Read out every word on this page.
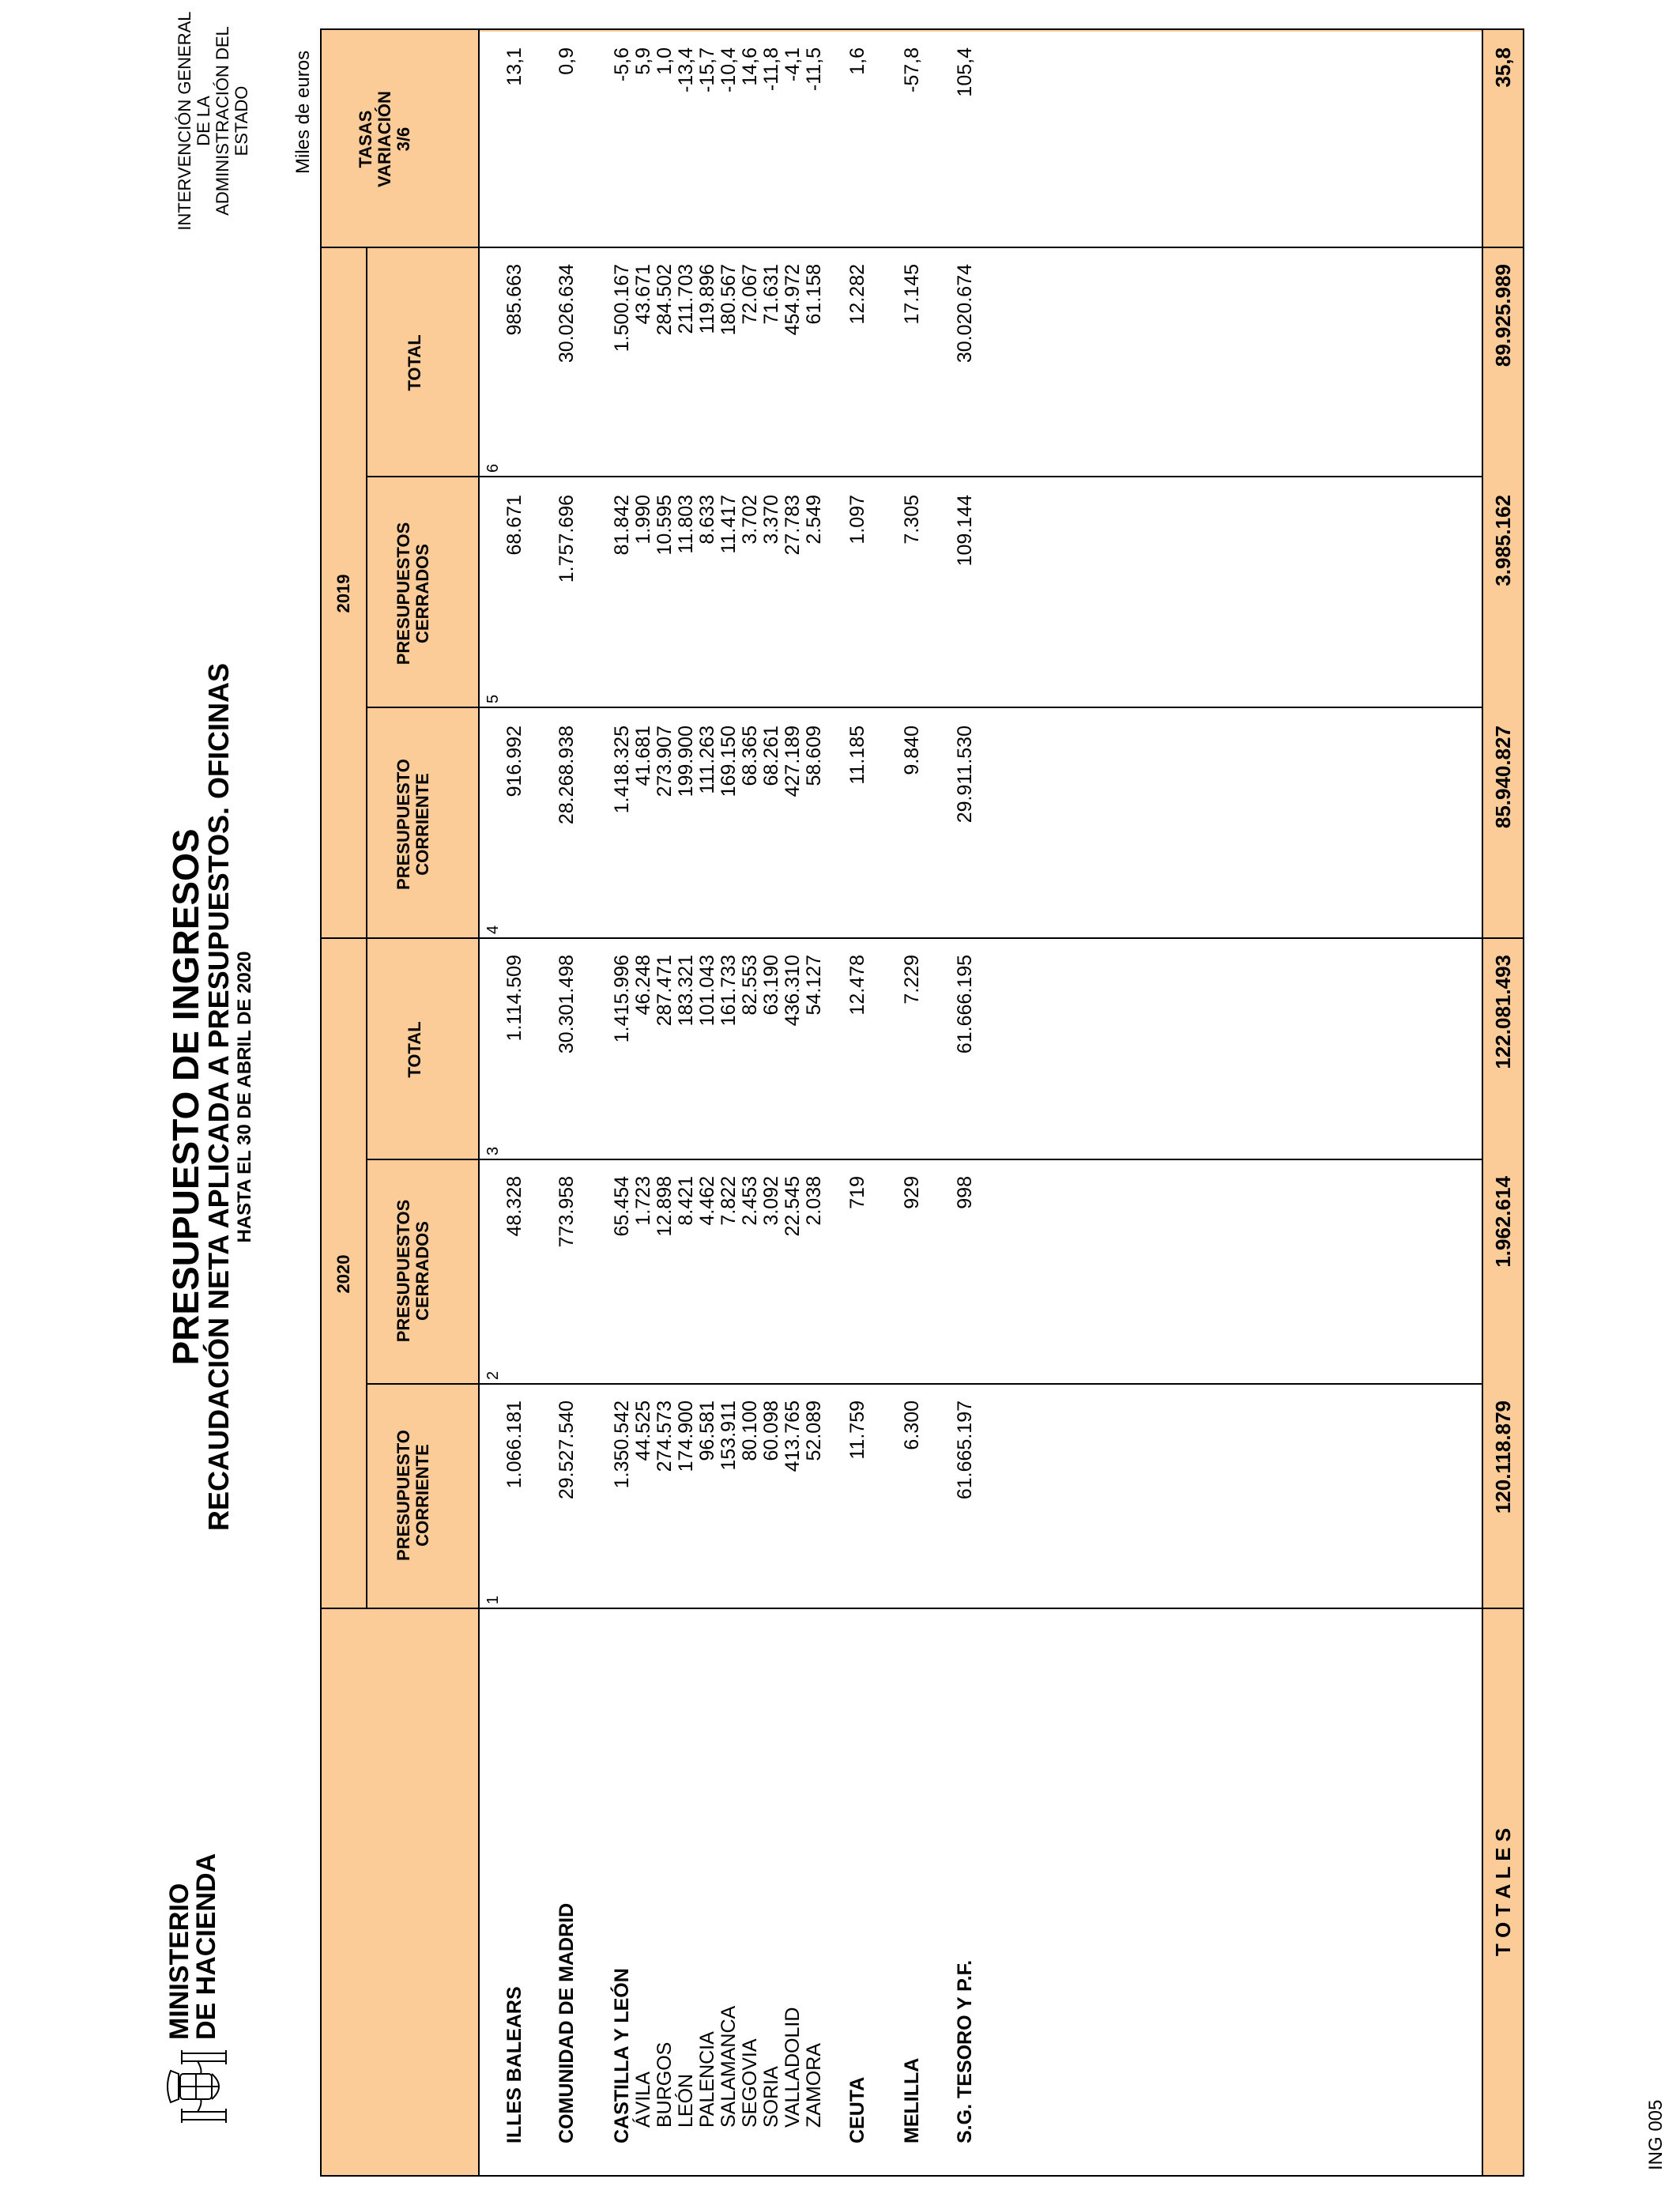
MINISTERIO
DE HACIENDA
PRESUPUESTO DE INGRESOS
RECAUDACIÓN NETA APLICADA A PRESUPUESTOS. OFICINAS HASTA EL 30 DE ABRIL DE 2020
INTERVENCIÓN GENERAL DE LA ADMINISTRACIÓN DEL ESTADO Miles de euros
2020
2019
PRESUPUESTO CORRIENTE
PRESUPUESTOS CERRADOS
TOTAL
PRESUPUESTO CORRIENTE
PRESUPUESTOS CERRADOS
TOTAL
TASAS VARIACIÓN 3/6
1
2
3
4
5
6
ILLES BALEARS
1.066.181
48.328
1.114.509
916.992
68.671
985.663
13,1
COMUNIDAD DE MADRID
29.527.540
773.958
30.301.498
28.268.938
1.757.696
30.026.634
0,9
CASTILLA Y LEÓN
1.350.542
65.454
1.415.996
1.418.325
81.842
1.500.167
-5,6
ÁVILA
44.525
1.723
46.248
41.681
1.990
43.671
5,9
BURGOS
274.573
12.898
287.471
273.907
10.595
284.502
1,0
LEÓN
174.900
8.421
183.321
199.900
11.803
211.703
-13,4
PALENCIA
96.581
4.462
101.043
111.263
8.633
119.896
-15,7
SALAMANCA
153.911
7.822
161.733
169.150
11.417
180.567
-10,4
SEGOVIA
80.100
2.453
82.553
68.365
3.702
72.067
14,6
SORIA
60.098
3.092
63.190
68.261
3.370
71.631
-11,8
VALLADOLID
413.765
22.545
436.310
427.189
27.783
454.972
-4,1
ZAMORA
52.089
2.038
54.127
58.609
2.549
61.158
-11,5
CEUTA
11.759
719
12.478
11.185
1.097
12.282
1,6
MELILLA
6.300
929
7.229
9.840
7.305
17.145
-57,8
S.G. TESORO Y P.F.
61.665.197
998
61.666.195
29.911.530
109.144
30.020.674
105,4
T O T A L E S
120.118.879
1.962.614
122.081.493
85.940.827
3.985.162
89.925.989
35,8
ING 005
